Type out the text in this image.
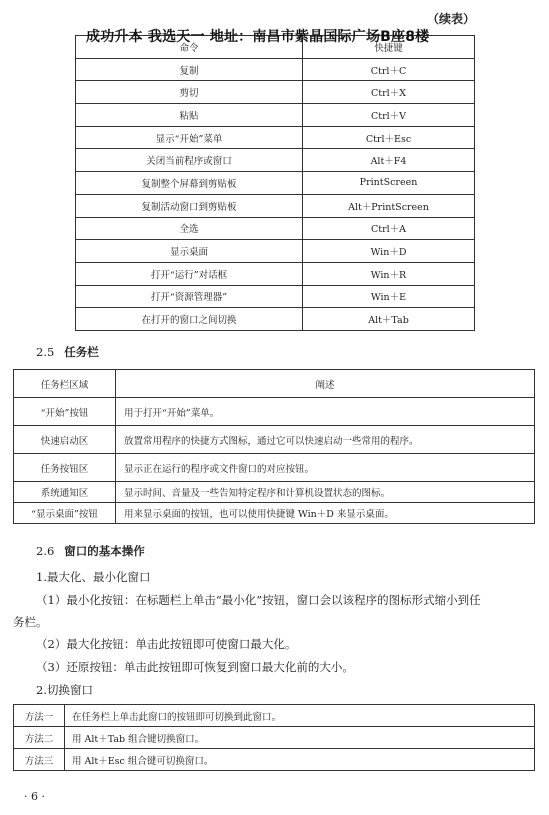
（续表）
命令	快捷键
复制	Ctrl＋C
剪切	Ctrl＋X
粘贴	Ctrl＋V
显示“开始”菜单	Ctrl＋Esc
关闭当前程序或窗口	Alt＋F4
复制整个屏幕到剪贴板	PrintScreen
复制活动窗口到剪贴板	Alt＋PrintScreen
全选	Ctrl＋A
显示桌面	Win＋D
打开“运行”对话框	Win＋R
打开“资源管理器”	Win＋E
在打开的窗口之间切换	Alt＋Tab
成功升本 我选天一 地址：南昌市紫晶国际广场B座8楼
2.5 任务栏
任务栏区域	阐述
“开始”按钮	用于打开“开始”菜单。
快速启动区	放置常用程序的快捷方式图标，通过它可以快速启动一些常用的程序。
任务按钮区	显示正在运行的程序或文件窗口的对应按钮。
系统通知区	显示时间、音量及一些告知特定程序和计算机设置状态的图标。
“显示桌面”按钮	用来显示桌面的按钮，也可以使用快捷键 Win＋D 来显示桌面。
2.6 窗口的基本操作
1.最大化、最小化窗口
（1）最小化按钮：在标题栏上单击“最小化”按钮，窗口会以该程序的图标形式缩小到任
务栏。
（2）最大化按钮：单击此按钮即可使窗口最大化。
（3）还原按钮：单击此按钮即可恢复到窗口最大化前的大小。
2.切换窗口
方法一	在任务栏上单击此窗口的按钮即可切换到此窗口。
方法二	用 Alt＋Tab 组合键切换窗口。
方法三	用 Alt＋Esc 组合键可切换窗口。
· 6 ·
